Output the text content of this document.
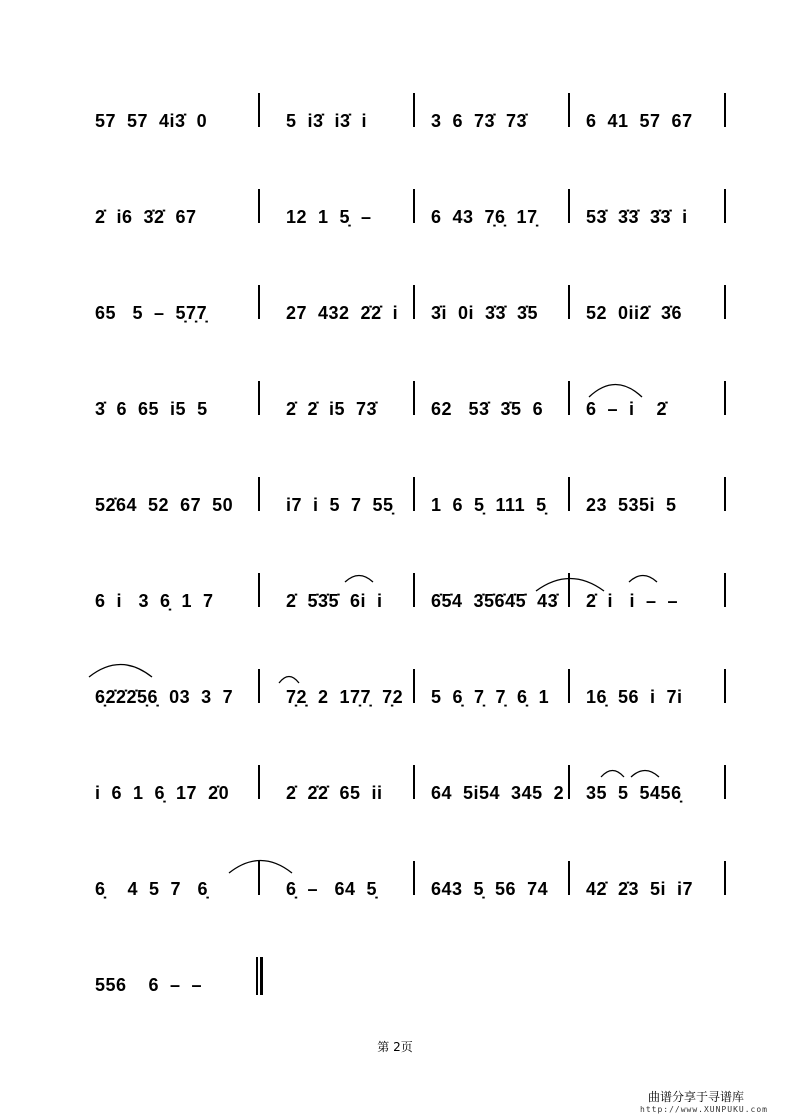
57  57  4i3̇  0	5  i3̇  i3̇  i	3  6  73̇  73̇	6  41  57  67
2̇  i6  3̇2̇  67	12  1  5̣  –	6  43  7̣6̣  17̣	53̇  3̇3̇  3̇3̇  i
65   5  –  5̣7̣7̣	27  432  2̇2̇  i 3̇i  0i  3̇3̇  3̇5	52  0ii2̇  3̇6
3̇  6  65  i5  5	2̇  2̇  i5  73̇	62   53̇  3̇5  6 6  –  i    2̇
52̇64  52  67  50	i7  i  5  7  55̣ 1  6  5̣  111  5̣ 23  535i  5
6  i   3  6̣  1  7	2̇  5̇3̇5̇  6i  i	6̇5̇4  3̇5̇6̇4̇5̇  43̇ 2̇  i   i  –  –
6̣2̇2̇2̇5̣6̣  03  3  7	7̣2̣  2  17̣7̣  7̣2 5  6̣  7̣  7̣  6̣  1 16̣  56  i  7i
i  6  1  6̣  17  2̇0	2̇  2̇2̇  65  ii	64  5i54  345  2 35  5  5456̣
6̣    4  5  7   6̣	6̣  –   64  5̣	643  5̣  56  74 42̇  2̇3  5i  i7
556    6  –  –
第 2页
曲谱分享于寻谱库
http://www.XUNPUKU.com
